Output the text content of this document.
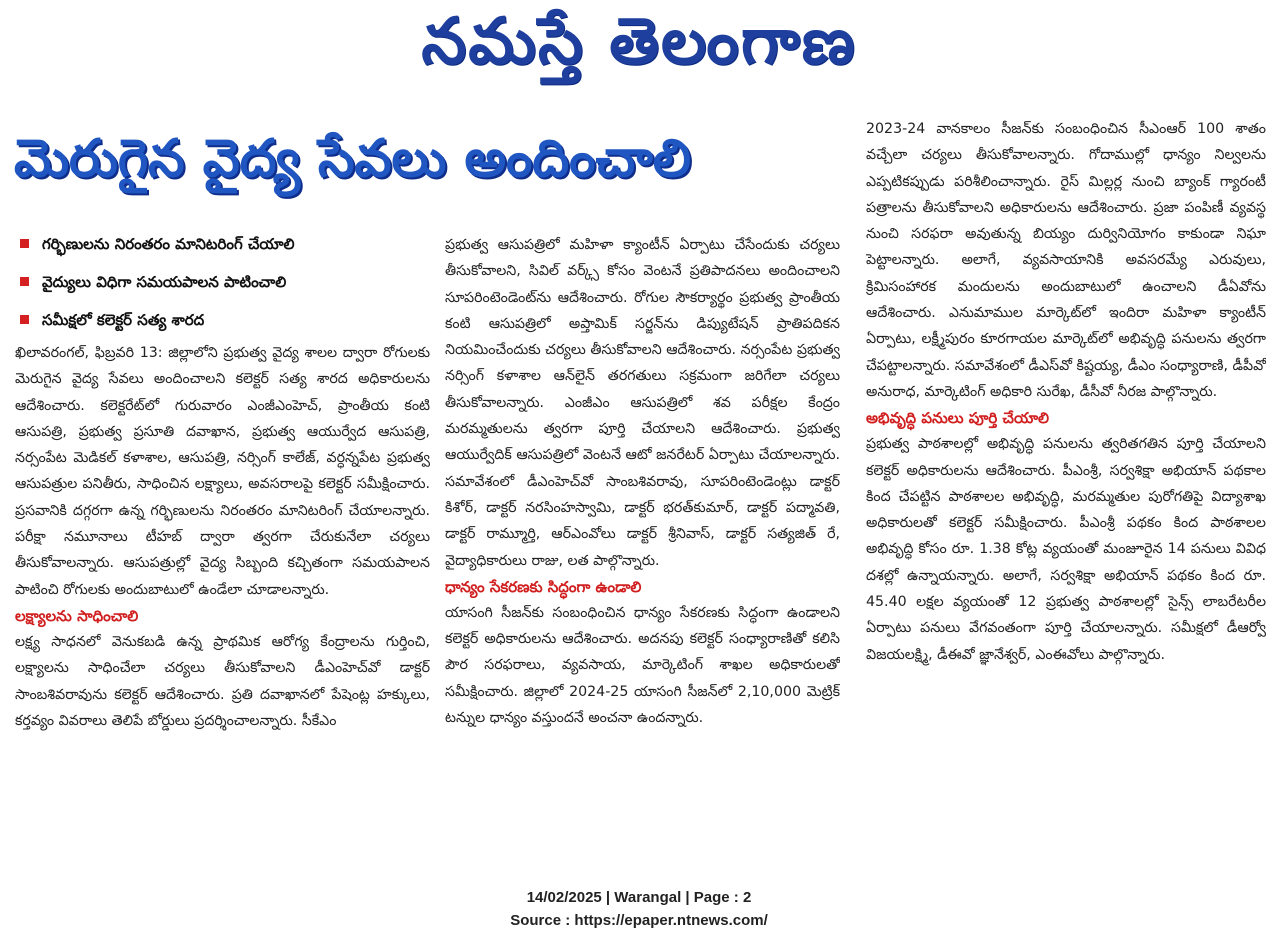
నమస్తే తెలంగాణ
మెరుగైన వైద్య సేవలు అందించాలి
గర్భిణులను నిరంతరం మానిటరింగ్ చేయాలి
వైద్యులు విధిగా సమయపాలన పాటించాలి
సమీక్షలో కలెక్టర్ సత్య శారద

ఖిలావరంగల్, ఫిబ్రవరి 13: జిల్లాలోని ప్రభుత్వ వైద్య శాలల ద్వారా రోగులకు మెరుగైన వైద్య సేవలు అందించాలని కలెక్టర్ సత్య శారద అధికారులను ఆదేశించారు. కలెక్టరేట్‌లో గురువారం ఎంజీఎంహెచ్, ప్రాంతీయ కంటి ఆసుపత్రి, ప్రభుత్వ ప్రసూతి దవాఖాన, ప్రభుత్వ ఆయుర్వేద ఆసుపత్రి, నర్సంపేట మెడికల్ కళాశాల, ఆసుపత్రి, నర్సింగ్ కాలేజ్, వర్ధన్నపేట ప్రభుత్వ ఆసుపత్రుల పనితీరు, సాధించిన లక్ష్యాలు, అవసరాలపై కలెక్టర్ సమీక్షించారు. ప్రసవానికి దగ్గరగా ఉన్న గర్భిణులను నిరంతరం మానిటరింగ్ చేయాలన్నారు. పరీక్షా నమూనాలు టీహబ్ ద్వారా త్వరగా చేరుకునేలా చర్యలు తీసుకోవాలన్నారు. ఆసుపత్రుల్లో వైద్య సిబ్బంది కచ్చితంగా సమయపాలన పాటించి రోగులకు అందుబాటులో ఉండేలా చూడాలన్నారు.

లక్ష్యాలను సాధించాలి

లక్ష్య సాధనలో వెనుకబడి ఉన్న ప్రాథమిక ఆరోగ్య కేంద్రాలను గుర్తించి, లక్ష్యాలను సాధించేలా చర్యలు తీసుకోవాలని డీఎంహెచ్‌వో డాక్టర్ సాంబశివరావును కలెక్టర్ ఆదేశించారు. ప్రతి దవాఖానలో పేషెంట్ల హక్కులు, కర్తవ్యం వివరాలు తెలిపే బోర్డులు ప్రదర్శించాలన్నారు. సీకేఎం

ప్రభుత్వ ఆసుపత్రిలో మహిళా క్యాంటీన్ ఏర్పాటు చేసేందుకు చర్యలు తీసుకోవాలని, సివిల్ వర్క్స్ కోసం వెంటనే ప్రతిపాదనలు అందించాలని సూపరింటెండెంట్‌ను ఆదేశించారు. రోగుల సౌకర్యార్థం ప్రభుత్వ ప్రాంతీయ కంటి ఆసుపత్రిలో అప్తామిక్ సర్జన్‌ను డిప్యుటేషన్ ప్రాతిపదికన నియమించేందుకు చర్యలు తీసుకోవాలని ఆదేశించారు. నర్సంపేట ప్రభుత్వ నర్సింగ్ కళాశాల ఆన్‌లైన్ తరగతులు సక్రమంగా జరిగేలా చర్యలు తీసుకోవాలన్నారు. ఎంజీఎం ఆసుపత్రిలో శవ పరీక్షల కేంద్రం మరమ్మతులను త్వరగా పూర్తి చేయాలని ఆదేశించారు. ప్రభుత్వ ఆయుర్వేదిక్ ఆసుపత్రిలో వెంటనే ఆటో జనరేటర్ ఏర్పాటు చేయాలన్నారు. సమావేశంలో డీఎంహెచ్‌వో సాంబశివరావు, సూపరింటెండెంట్లు డాక్టర్ కిశోర్, డాక్టర్ నరసింహస్వామి, డాక్టర్ భరత్‌కుమార్, డాక్టర్ పద్మావతి, డాక్టర్ రామ్మూర్తి, ఆర్ఎంవోలు డాక్టర్ శ్రీనివాస్, డాక్టర్ సత్యజిత్ రే, వైద్యాధికారులు రాజు, లత పాల్గొన్నారు.

ధాన్యం సేకరణకు సిద్ధంగా ఉండాలి

యాసంగి సీజన్‌కు సంబంధించిన ధాన్యం సేకరణకు సిద్ధంగా ఉండాలని కలెక్టర్ అధికారులను ఆదేశించారు. అదనపు కలెక్టర్ సంధ్యారాణితో కలిసి పౌర సరఫరాలు, వ్యవసాయ, మార్కెటింగ్ శాఖల అధికారులతో సమీక్షించారు. జిల్లాలో 2024-25 యాసంగి సీజన్‌లో 2,10,000 మెట్రిక్ టన్నుల ధాన్యం వస్తుందనే అంచనా ఉందన్నారు.

2023-24 వానకాలం సీజన్‌కు సంబంధించిన సీఎంఆర్ 100 శాతం వచ్చేలా చర్యలు తీసుకోవాలన్నారు. గోదాముల్లో ధాన్యం నిల్వలను ఎప్పటికప్పుడు పరిశీలించాన్నారు. రైస్ మిల్లర్ల నుంచి బ్యాంక్ గ్యారంటీ పత్రాలను తీసుకోవాలని అధికారులను ఆదేశించారు. ప్రజా పంపిణీ వ్యవస్థ నుంచి సరఫరా అవుతున్న బియ్యం దుర్వినియోగం కాకుండా నిఘా పెట్టాలన్నారు. అలాగే, వ్యవసాయానికి అవసరమ్యే ఎరువులు, క్రిమిసంహారక మందులను అందుబాటులో ఉంచాలని డీఏవోను ఆదేశించారు. ఎనుమాముల మార్కెట్‌లో ఇందిరా మహిళా క్యాంటీన్ ఏర్పాటు, లక్ష్మీపురం కూరగాయల మార్కెట్‌లో అభివృద్ధి పనులను త్వరగా చేపట్టాలన్నారు. సమావేశంలో డీఎస్‌వో కిష్టయ్య, డీఎం సంధ్యారాణి, డీపీవో అనురాధ, మార్కెటింగ్ అధికారి సురేఖ, డీసీవో నీరజ పాల్గొన్నారు.

అభివృద్ధి పనులు పూర్తి చేయాలి

ప్రభుత్వ పాఠశాలల్లో అభివృద్ధి పనులను త్వరితగతిన పూర్తి చేయాలని కలెక్టర్ అధికారులను ఆదేశించారు. పీఎంశ్రీ, సర్వశిక్షా అభియాన్ పథకాల కింద చేపట్టిన పాఠశాలల అభివృద్ధి, మరమ్మతుల పురోగతిపై విద్యాశాఖ అధికారులతో కలెక్టర్ సమీక్షించారు. పీఎంశ్రీ పథకం కింద పాఠశాలల అభివృద్ధి కోసం రూ. 1.38 కోట్ల వ్యయంతో మంజూరైన 14 పనులు వివిధ దశల్లో ఉన్నాయన్నారు. అలాగే, సర్వశిక్షా అభియాన్ పథకం కింద రూ. 45.40 లక్షల వ్యయంతో 12 ప్రభుత్వ పాఠశాలల్లో సైన్స్ లాబరేటరీల ఏర్పాటు పనులు వేగవంతంగా పూర్తి చేయాలన్నారు. సమీక్షలో డీఆర్వో విజయలక్ష్మి, డీఈవో జ్ఞానేశ్వర్, ఎంఈవోలు పాల్గొన్నారు.

14/02/2025 | Warangal | Page : 2
Source : https://epaper.ntnews.com/
